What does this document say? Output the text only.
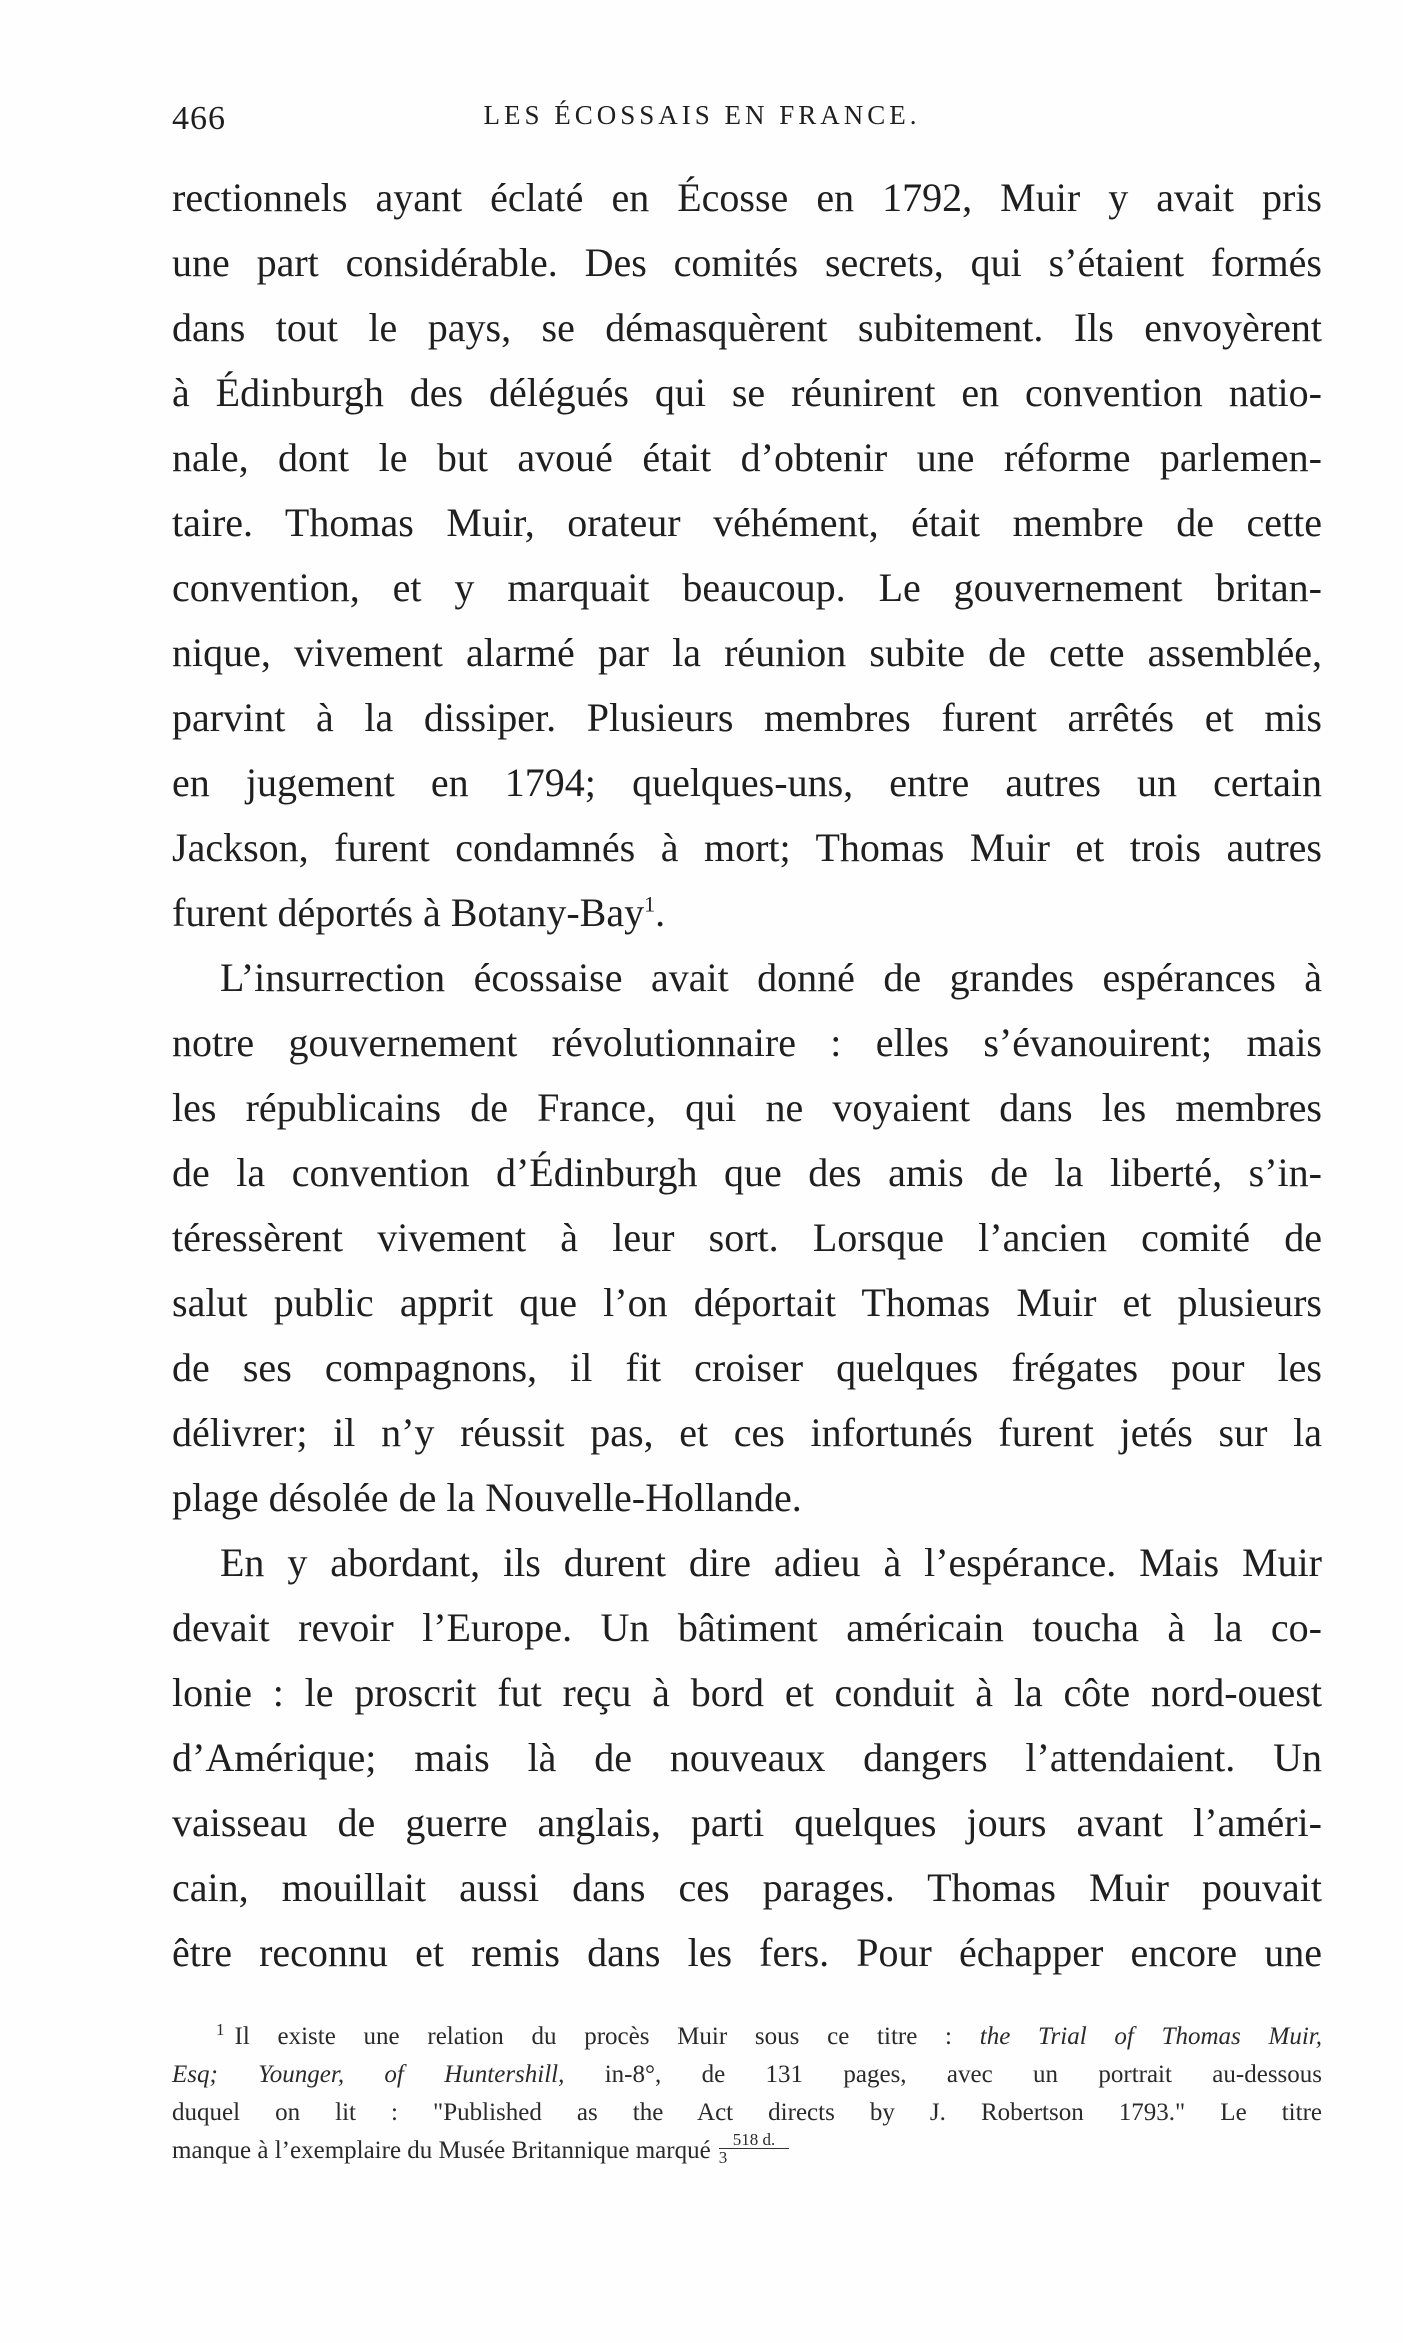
466	LES ÉCOSSAIS EN FRANCE.
rectionnels ayant éclaté en Écosse en 1792, Muir y avait pris
une part considérable. Des comités secrets, qui s’étaient formés
dans tout le pays, se démasquèrent subitement. Ils envoyèrent
à Édinburgh des délégués qui se réunirent en convention natio-
nale, dont le but avoué était d’obtenir une réforme parlemen-
taire. Thomas Muir, orateur véhément, était membre de cette
convention, et y marquait beaucoup. Le gouvernement britan-
nique, vivement alarmé par la réunion subite de cette assemblée,
parvint à la dissiper. Plusieurs membres furent arrêtés et mis
en jugement en 1794; quelques-uns, entre autres un certain
Jackson, furent condamnés à mort; Thomas Muir et trois autres
furent déportés à Botany-Bay$^1$.
L’insurrection écossaise avait donné de grandes espérances à
notre gouvernement révolutionnaire : elles s’évanouirent; mais
les républicains de France, qui ne voyaient dans les membres
de la convention d’Édinburgh que des amis de la liberté, s’in-
téressèrent vivement à leur sort. Lorsque l’ancien comité de
salut public apprit que l’on déportait Thomas Muir et plusieurs
de ses compagnons, il fit croiser quelques frégates pour les
délivrer; il n’y réussit pas, et ces infortunés furent jetés sur la
plage désolée de la Nouvelle-Hollande.
En y abordant, ils durent dire adieu à l’espérance. Mais Muir
devait revoir l’Europe. Un bâtiment américain toucha à la co-
lonie : le proscrit fut reçu à bord et conduit à la côte nord-ouest
d’Amérique; mais là de nouveaux dangers l’attendaient. Un
vaisseau de guerre anglais, parti quelques jours avant l’améri-
cain, mouillait aussi dans ces parages. Thomas Muir pouvait
être reconnu et remis dans les fers. Pour échapper encore une
$^1$ Il existe une relation du procès Muir sous ce titre : the Trial of Thomas Muir,
Esq; Younger, of Huntershill, in-8°, de 131 pages, avec un portrait au-dessous
duquel on lit : "Published as the Act directs by J. Robertson 1793." Le titre
manque à l’exemplaire du Musée Britannique marqué $\frac{518 d.}{3}$
